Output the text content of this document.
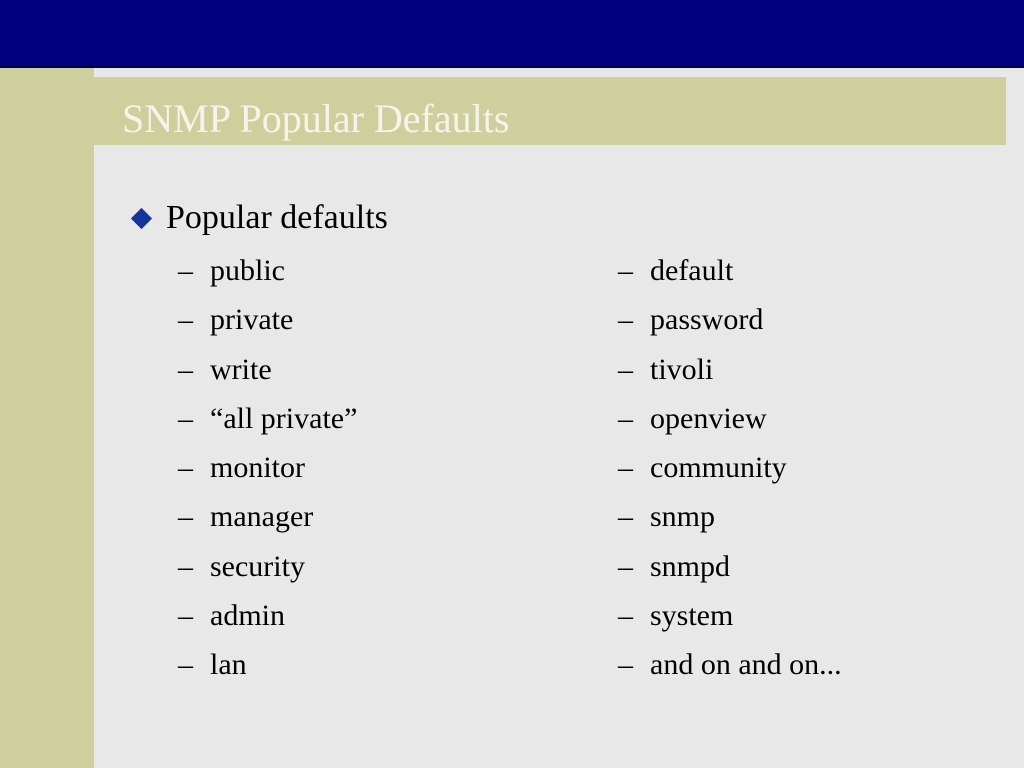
SNMP Popular Defaults
Popular defaults
– public
– private
– write
– “all private”
– monitor
– manager
– security
– admin
– lan
– default
– password
– tivoli
– openview
– community
– snmp
– snmpd
– system
– and on and on...
